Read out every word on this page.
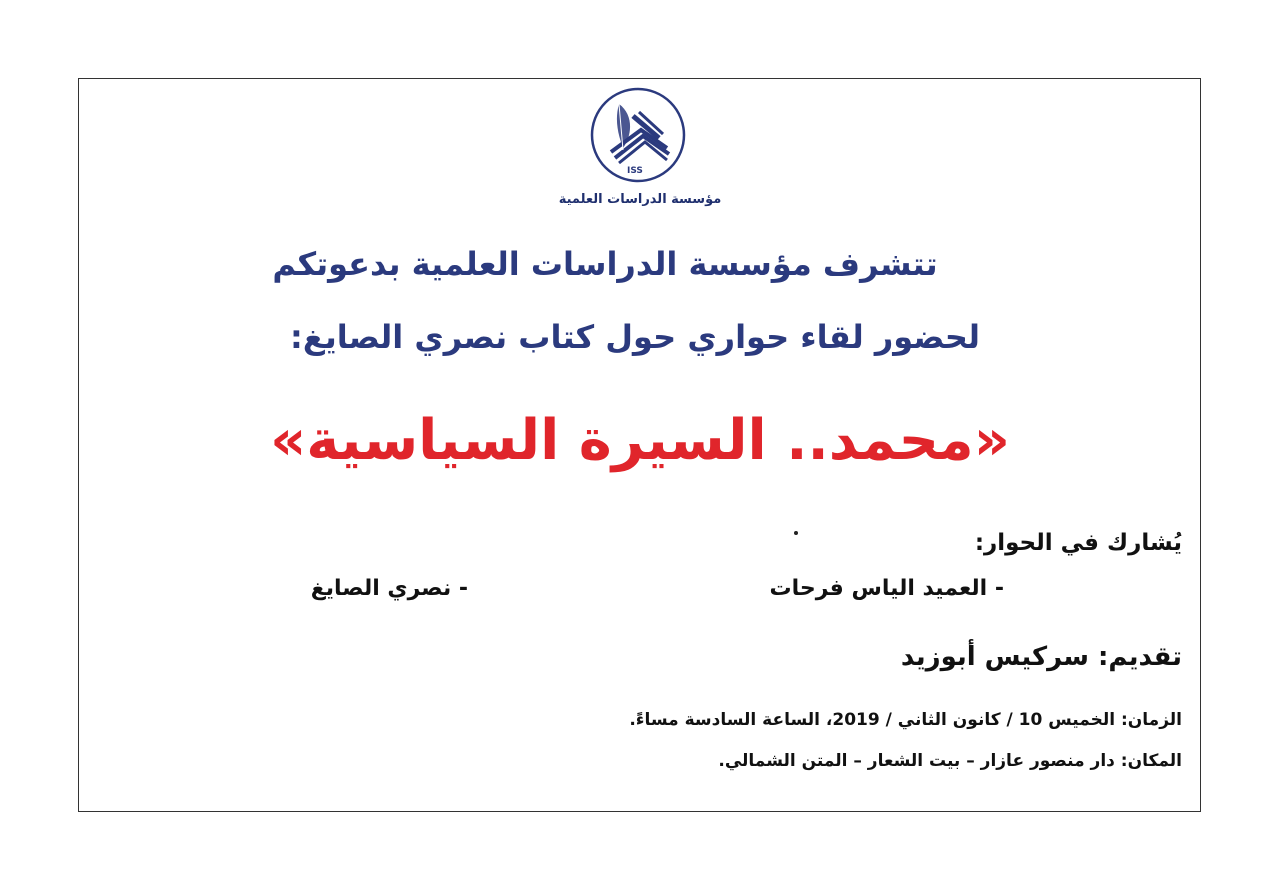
ISS
مؤسسة الدراسات العلمية
تتشرف مؤسسة الدراسات العلمية بدعوتكم
لحضور لقاء حواري حول كتاب نصري الصايغ:
«محمد.. السيرة السياسية»
يُشارك في الحوار:
- العميد الياس فرحات
- نصري الصايغ
تقديم: سركيس أبوزيد
الزمان: الخميس 10 / كانون الثاني / 2019، الساعة السادسة مساءً.
المكان: دار منصور عازار – بيت الشعار – المتن الشمالي.
